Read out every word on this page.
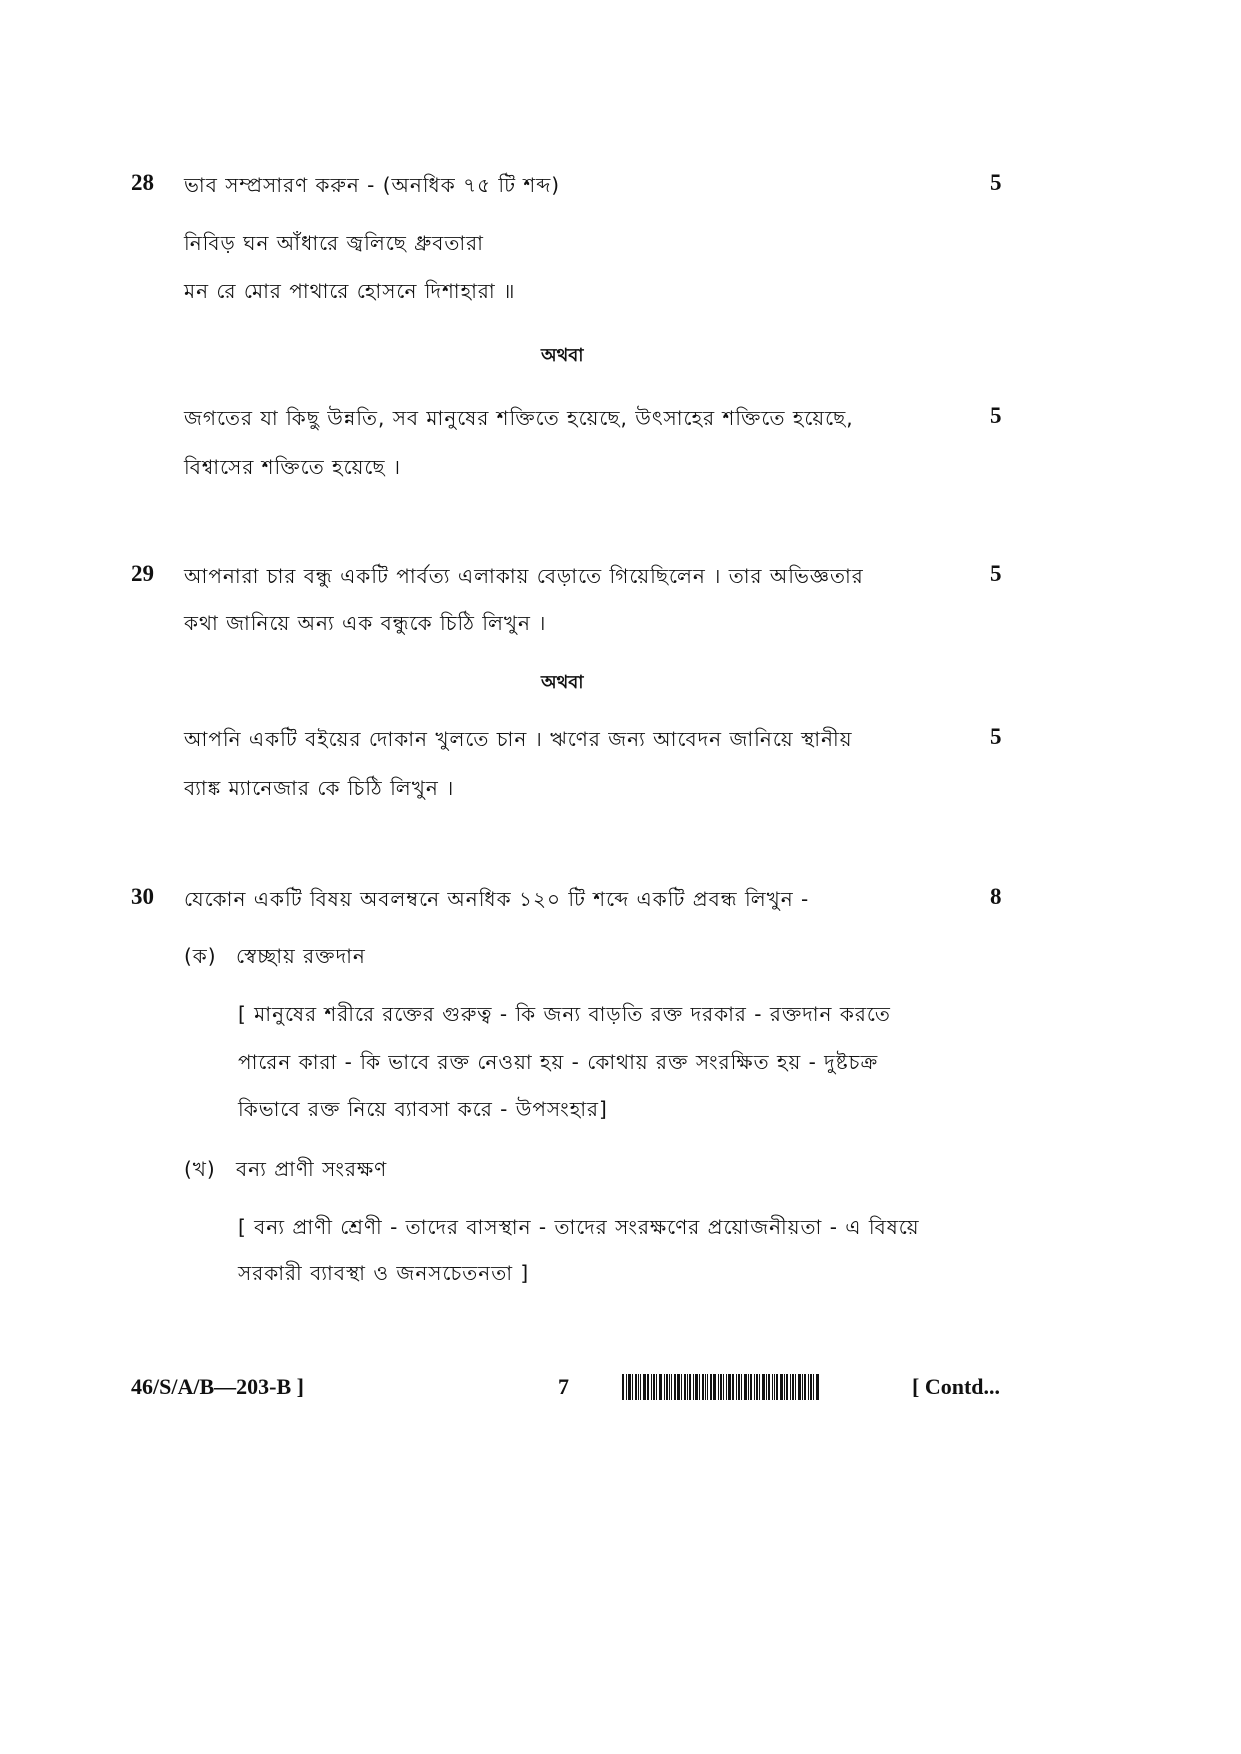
28 ভাব সম্প্রসারণ করুন - (অনধিক ৭৫ টি শব্দ)	5
নিবিড় ঘন আঁধারে জ্বলিছে ধ্রুবতারা
মন রে মোর পাথারে হোসনে দিশাহারা ॥
অথবা
জগতের যা কিছু উন্নতি, সব মানুষের শক্তিতে হয়েছে, উৎসাহের শক্তিতে হয়েছে,	5
বিশ্বাসের শক্তিতে হয়েছে ।
29 আপনারা চার বন্ধু একটি পার্বত্য এলাকায় বেড়াতে গিয়েছিলেন । তার অভিজ্ঞতার	5
কথা জানিয়ে অন্য এক বন্ধুকে চিঠি লিখুন ।
অথবা
আপনি একটি বইয়ের দোকান খুলতে চান । ঋণের জন্য আবেদন জানিয়ে স্থানীয়	5
ব্যাঙ্ক ম্যানেজার কে চিঠি লিখুন ।
30 যেকোন একটি বিষয় অবলম্বনে অনধিক ১২০ টি শব্দে একটি প্রবন্ধ লিখুন -	8
(ক) স্বেচ্ছায় রক্তদান
[ মানুষের শরীরে রক্তের গুরুত্ব - কি জন্য বাড়তি রক্ত দরকার - রক্তদান করতে
পারেন কারা - কি ভাবে রক্ত নেওয়া হয় - কোথায় রক্ত সংরক্ষিত হয় - দুষ্টচক্র
কিভাবে রক্ত নিয়ে ব্যাবসা করে - উপসংহার]
(খ) বন্য প্রাণী সংরক্ষণ
[ বন্য প্রাণী শ্রেণী - তাদের বাসস্থান - তাদের সংরক্ষণের প্রয়োজনীয়তা - এ বিষয়ে
সরকারী ব্যাবস্থা ও জনসচেতনতা ]
46/S/A/B—203-B ]	7	[ Contd...
